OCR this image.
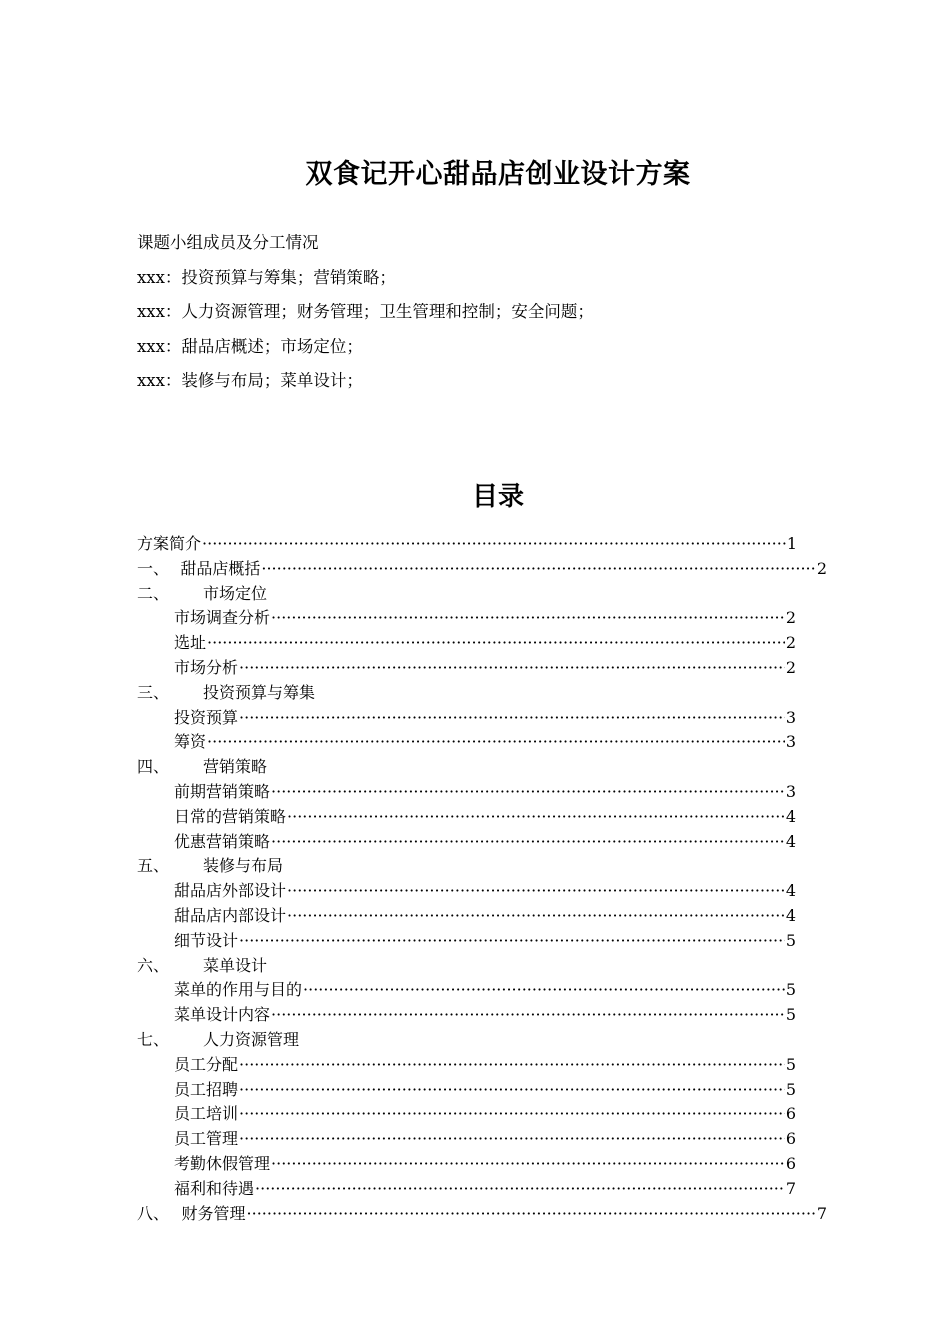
双食记开心甜品店创业设计方案
课题小组成员及分工情况
xxx：投资预算与筹集；营销策略；
xxx：人力资源管理；财务管理；卫生管理和控制；安全问题；
xxx：甜品店概述；市场定位；
xxx：装修与布局；菜单设计；
目录
方案简介 ·····	1
一、 甜品店概括 ·····	2
二、	市场定位
市场调查分析 ·····	2
选址 ·····	2
市场分析 ·····	2
三、	投资预算与筹集
投资预算 ·····	3
筹资 ·····	3
四、	营销策略
前期营销策略 ·····	3
日常的营销策略 ·····	4
优惠营销策略 ·····	4
五、	装修与布局
甜品店外部设计 ·····	4
甜品店内部设计 ·····	4
细节设计 ·····	5
六、	菜单设计
菜单的作用与目的 ·····	5
菜单设计内容 ·····	5
七、	人力资源管理
员工分配 ·····	5
员工招聘 ·····	5
员工培训 ·····	6
员工管理 ·····	6
考勤休假管理 ·····	6
福利和待遇 ·····	7
八、 财务管理 ·····	7
